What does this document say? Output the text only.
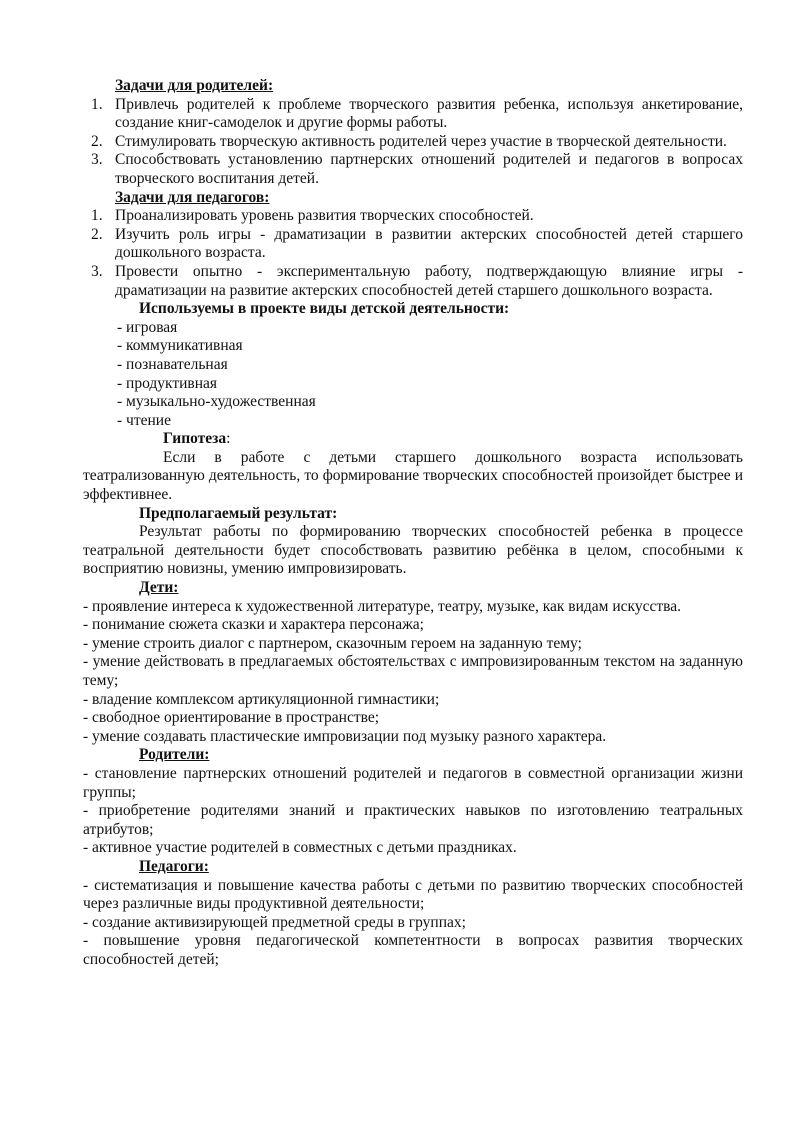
Задачи для родителей:

1. Привлечь родителей к проблеме творческого развития ребенка, используя анкетирование, создание книг-самоделок и другие формы работы.
2. Стимулировать творческую активность родителей через участие в творческой деятельности.
3. Способствовать установлению партнерских отношений родителей и педагогов в вопросах творческого воспитания детей.

Задачи для педагогов:

1. Проанализировать уровень развития творческих способностей.
2. Изучить роль игры - драматизации в развитии актерских способностей детей старшего дошкольного возраста.
3. Провести опытно - экспериментальную работу, подтверждающую влияние игры - драматизации на развитие актерских способностей детей старшего дошкольного возраста.

Используемы в проекте виды детской деятельности:

- игровая

- коммуникативная

- познавательная

- продуктивная

- музыкально-художественная

- чтение

Гипотеза:

Если в работе с детьми старшего дошкольного возраста использовать театрализованную деятельность, то формирование творческих способностей произойдет быстрее и эффективнее.

Предполагаемый результат:

Результат работы по формированию творческих способностей ребенка в процессе театральной деятельности будет способствовать развитию ребёнка в целом, способными к восприятию новизны, умению импровизировать.

Дети:

- проявление интереса к художественной литературе, театру, музыке, как видам искусства.

- понимание сюжета сказки и характера персонажа;

- умение строить диалог с партнером, сказочным героем на заданную тему;

- умение действовать в предлагаемых обстоятельствах с импровизированным текстом на заданную тему;

- владение комплексом артикуляционной гимнастики;

- свободное ориентирование в пространстве;

- умение создавать пластические импровизации под музыку разного характера.

Родители:

- становление партнерских отношений родителей и педагогов в совместной организации жизни группы;

- приобретение родителями знаний и практических навыков по изготовлению театральных атрибутов;

- активное участие родителей в совместных с детьми праздниках.

Педагоги:

- систематизация и повышение качества работы с детьми по развитию творческих способностей через различные виды продуктивной деятельности;

- создание активизирующей предметной среды в группах;

- повышение уровня педагогической компетентности в вопросах развития творческих способностей детей;
